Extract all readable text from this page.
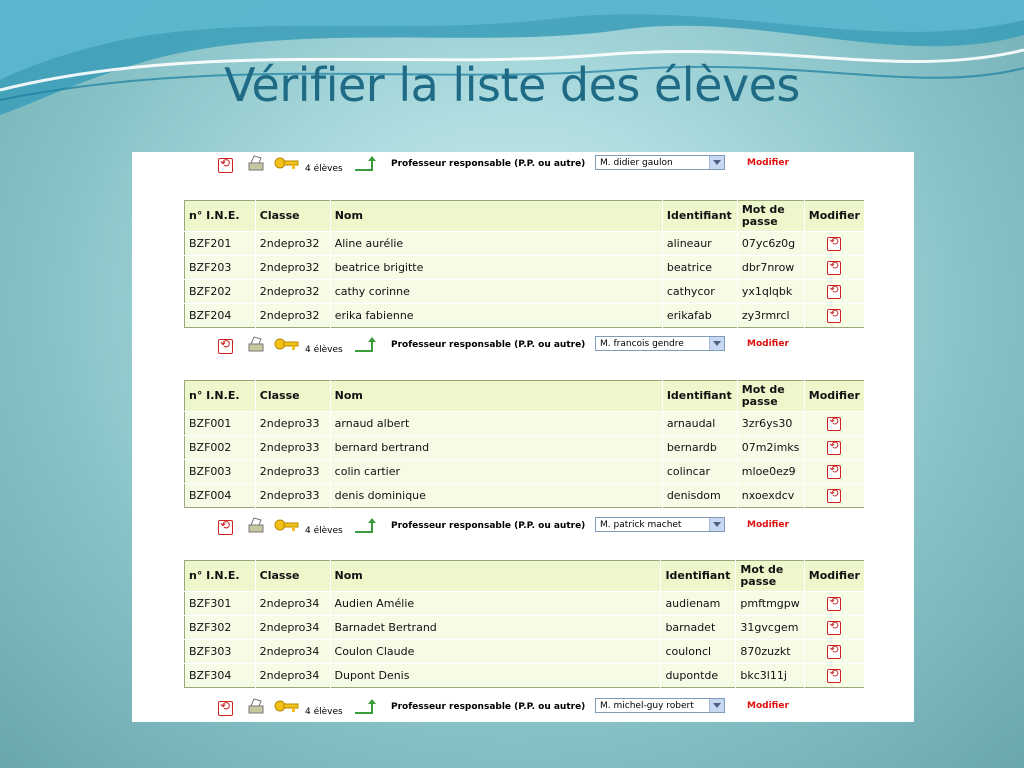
Vérifier la liste des élèves
⟲
4 élèves	Professeur responsable (P.P. ou autre)	M. didier gaulon	Modifier
n° I.N.E.	Classe	Nom	Identifiant	Mot de passe	Modifier
BZF201	2ndepro32	Aline aurélie	alineaur	07yc6z0g	⟲
BZF203	2ndepro32	beatrice brigitte	beatrice	dbr7nrow	⟲
BZF202	2ndepro32	cathy corinne	cathycor	yx1qlqbk	⟲
BZF204	2ndepro32	erika fabienne	erikafab	zy3rmrcl	⟲
⟲
4 élèves	Professeur responsable (P.P. ou autre)	M. francois gendre	Modifier
n° I.N.E.	Classe	Nom	Identifiant	Mot de passe	Modifier
BZF001	2ndepro33	arnaud albert	arnaudal	3zr6ys30	⟲
BZF002	2ndepro33	bernard bertrand	bernardb	07m2imks	⟲
BZF003	2ndepro33	colin cartier	colincar	mloe0ez9	⟲
BZF004	2ndepro33	denis dominique	denisdom	nxoexdcv	⟲
⟲
4 élèves	Professeur responsable (P.P. ou autre)	M. patrick machet	Modifier
n° I.N.E.	Classe	Nom	Identifiant	Mot de passe	Modifier
BZF301	2ndepro34	Audien Amélie	audienam	pmftmgpw	⟲
BZF302	2ndepro34	Barnadet Bertrand	barnadet	31gvcgem	⟲
BZF303	2ndepro34	Coulon Claude	couloncl	870zuzkt	⟲
BZF304	2ndepro34	Dupont Denis	dupontde	bkc3l11j	⟲
⟲
4 élèves	Professeur responsable (P.P. ou autre)	M. michel-guy robert	Modifier
